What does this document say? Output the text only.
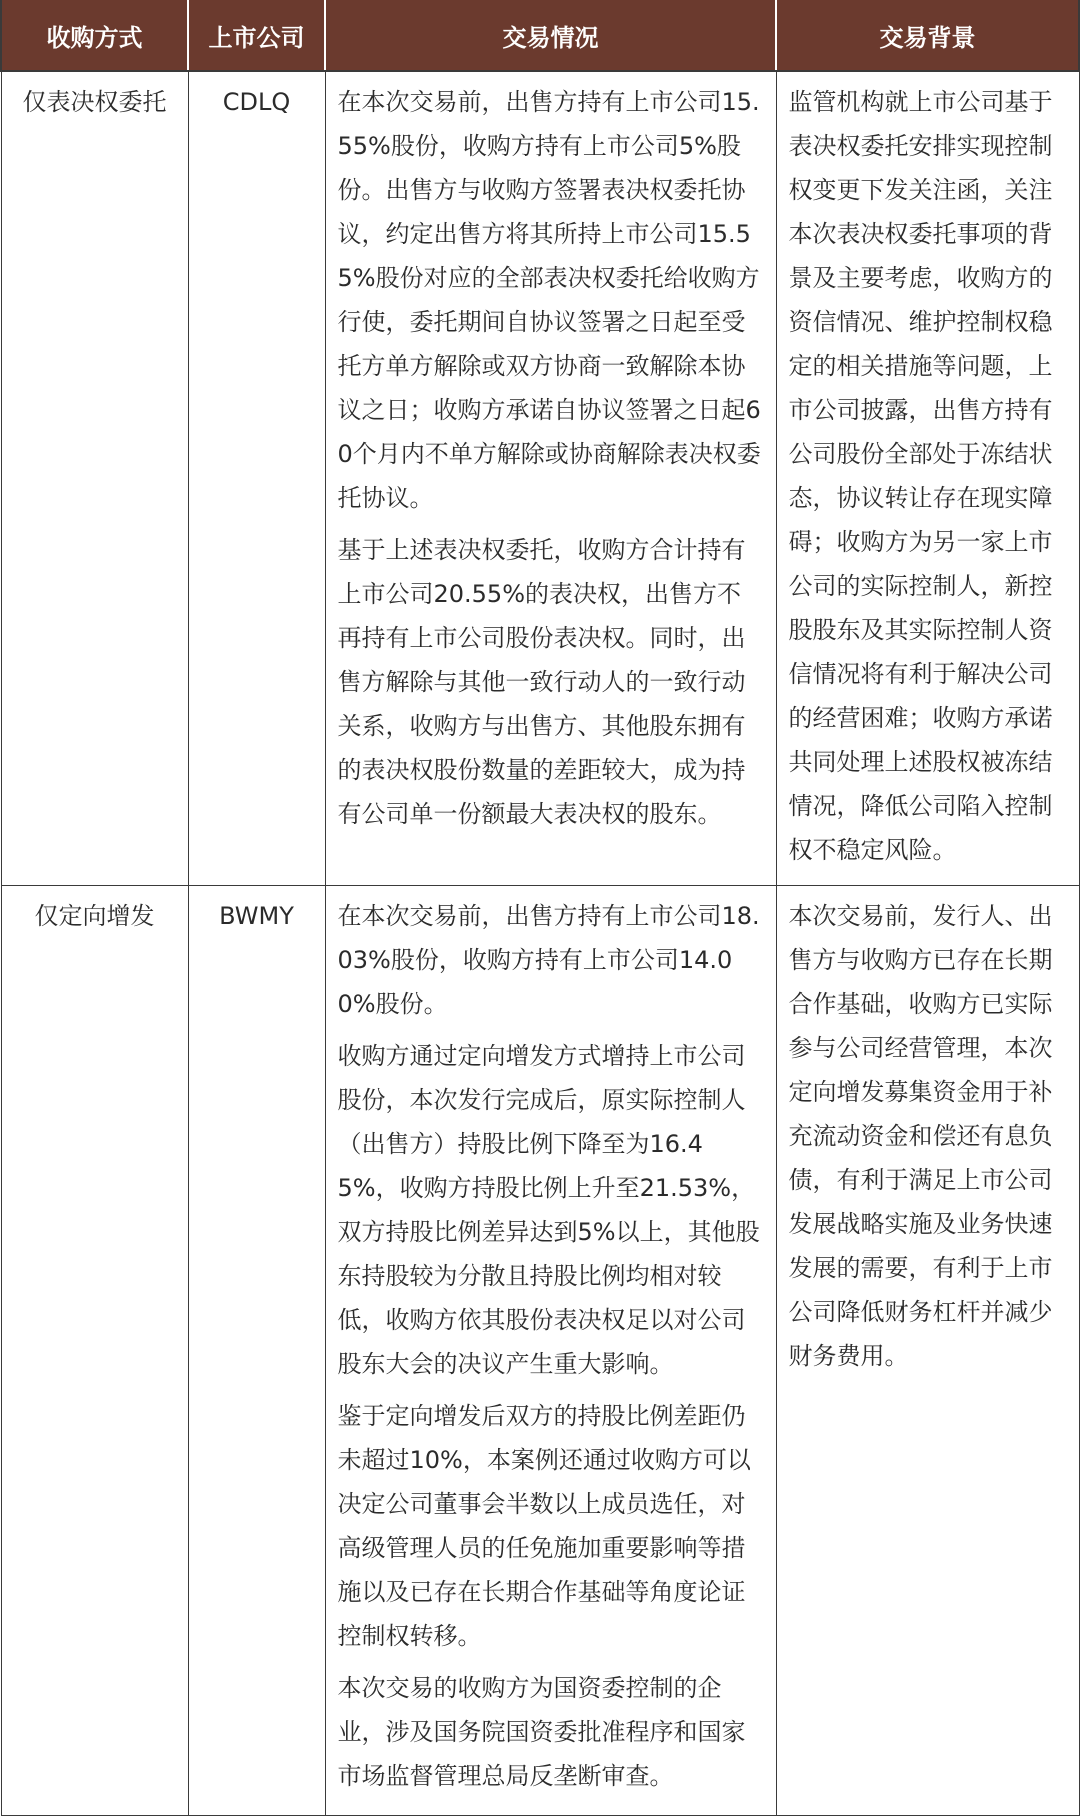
收购方式	上市公司	交易情况	交易背景
仅表决权委托	CDLQ	在本次交易前，出售方持有上市公司15.55%股份，收购方持有上市公司5%股份。出售方与收购方签署表决权委托协议，约定出售方将其所持上市公司15.55%股份对应的全部表决权委托给收购方行使，委托期间自协议签署之日起至受托方单方解除或双方协商一致解除本协议之日；收购方承诺自协议签署之日起60个月内不单方解除或协商解除表决权委托协议。

基于上述表决权委托，收购方合计持有上市公司20.55%的表决权，出售方不再持有上市公司股份表决权。同时，出售方解除与其他一致行动人的一致行动关系，收购方与出售方、其他股东拥有的表决权股份数量的差距较大，成为持有公司单一份额最大表决权的股东。	监管机构就上市公司基于表决权委托安排实现控制权变更下发关注函，关注本次表决权委托事项的背景及主要考虑，收购方的资信情况、维护控制权稳定的相关措施等问题，上市公司披露，出售方持有公司股份全部处于冻结状态，协议转让存在现实障碍；收购方为另一家上市公司的实际控制人，新控股股东及其实际控制人资信情况将有利于解决公司的经营困难；收购方承诺共同处理上述股权被冻结情况，降低公司陷入控制权不稳定风险。

仅定向增发	BWMY	在本次交易前，出售方持有上市公司18.03%股份，收购方持有上市公司14.00%股份。

收购方通过定向增发方式增持上市公司股份，本次发行完成后，原实际控制人（出售方）持股比例下降至为16.45%，收购方持股比例上升至21.53%，双方持股比例差异达到5%以上，其他股东持股较为分散且持股比例均相对较低，收购方依其股份表决权足以对公司股东大会的决议产生重大影响。

鉴于定向增发后双方的持股比例差距仍未超过10%，本案例还通过收购方可以决定公司董事会半数以上成员选任，对高级管理人员的任免施加重要影响等措施以及已存在长期合作基础等角度论证控制权转移。

本次交易的收购方为国资委控制的企业，涉及国务院国资委批准程序和国家市场监督管理总局反垄断审查。	本次交易前，发行人、出售方与收购方已存在长期合作基础，收购方已实际参与公司经营管理，本次定向增发募集资金用于补充流动资金和偿还有息负债，有利于满足上市公司发展战略实施及业务快速发展的需要，有利于上市公司降低财务杠杆并减少财务费用。
